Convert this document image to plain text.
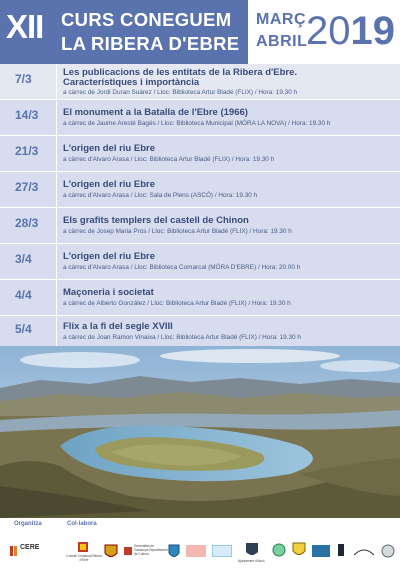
XII CURS CONEGUEM
LA RIBERA D'EBRE
MARÇ
ABRIL
2019
7/3	Les publicacions de les entitats de la Ribera d'Ebre.
Característiques i importància
a càrrec de Jordi Duran Suárez / Lloc: Biblioteca Artur Bladé (FLIX) / Hora: 19.30 h
14/3	El monument a la Batalla de l'Ebre (1966)
a càrrec de Jaume Aresté Bagés / Lloc: Biblioteca Municipal (MÓRA LA NOVA) / Hora: 19.30 h
21/3	L'origen del riu Ebre
a càrrec d'Alvaro Arasa / Lloc: Biblioteca Artur Bladé (FLIX) / Hora: 19.30 h
27/3	L'origen del riu Ebre
a càrrec d'Alvaro Arasa / Lloc: Sala de Plens (ASCÓ) / Hora: 19.30 h
28/3	Els grafits templers del castell de Chinon
a càrrec de Josep Maria Pros / Lloc: Biblioteca Artur Bladé (FLIX) / Hora: 19.30 h
3/4	L'origen del riu Ebre
a càrrec d'Alvaro Arasa / Lloc: Biblioteca Comarcal (MÓRA D'EBRE) / Hora: 20.00 h
4/4	Maçoneria i societat
a càrrec de Alberto González / Lloc: Biblioteca Artur Bladé (FLIX) / Hora: 19.30 h
5/4	Flix a la fi del segle XVIII
a càrrec de Joan Ramon Vinaixa / Lloc: Biblioteca Artur Bladé (FLIX) / Hora: 19.30 h
Organitza	Col·labora
CERE
Consell Comarcal Ribera d'Ebre
Generalitat de Catalunya Departament de Cultura
Ajuntament d'Ascó
